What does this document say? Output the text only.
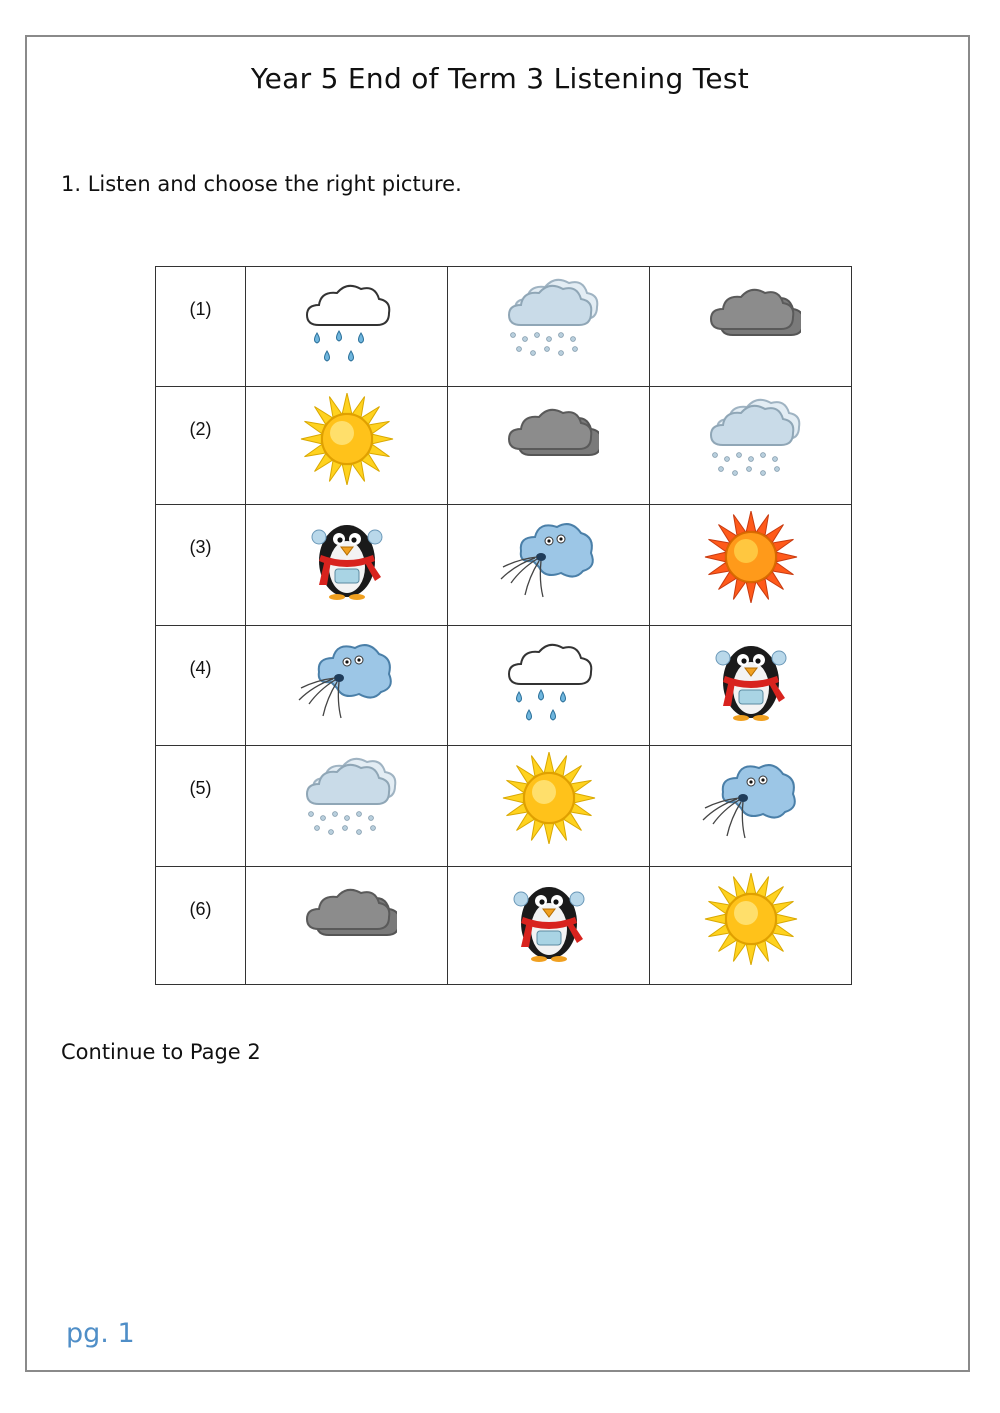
Year 5 End of Term 3 Listening Test
1. Listen and choose the right picture.
(1)

(2)

(3)

(4)

(5)

(6)

Continue to Page 2
pg. 1
